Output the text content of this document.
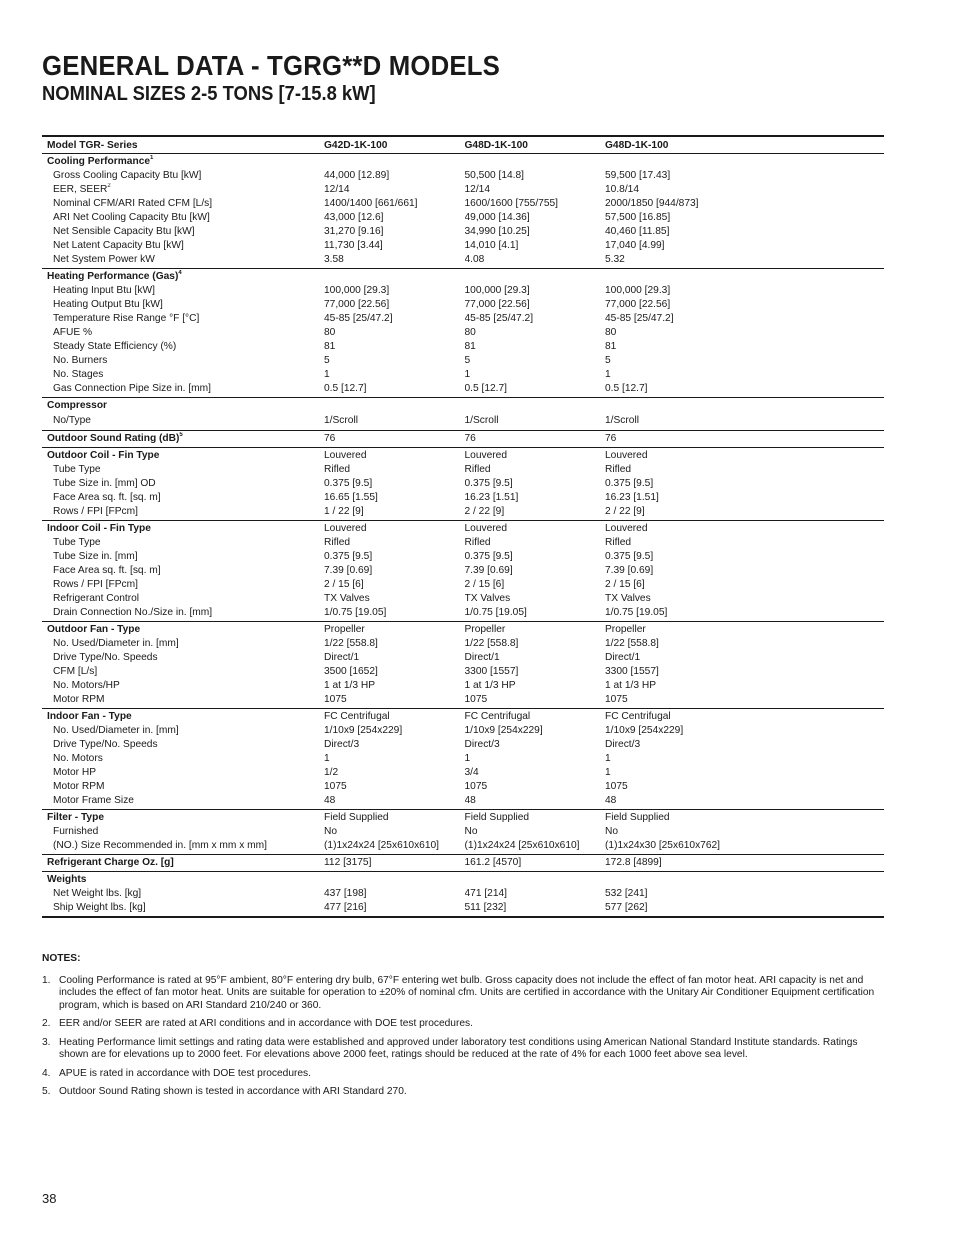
GENERAL DATA - TGRG**D MODELS
NOMINAL SIZES 2-5 TONS [7-15.8 kW]
Model TGR- Series	G42D-1K-100	G48D-1K-100	G48D-1K-100
Cooling Performance$^1$
Gross Cooling Capacity Btu [kW]	44,000 [12.89]	50,500 [14.8]	59,500 [17.43]
EER, SEER$^2$	12/14	12/14	10.8/14
Nominal CFM/ARI Rated CFM [L/s]	1400/1400 [661/661]	1600/1600 [755/755]	2000/1850 [944/873]
ARI Net Cooling Capacity Btu [kW]	43,000 [12.6]	49,000 [14.36]	57,500 [16.85]
Net Sensible Capacity Btu [kW]	31,270 [9.16]	34,990 [10.25]	40,460 [11.85]
Net Latent Capacity Btu [kW]	11,730 [3.44]	14,010 [4.1]	17,040 [4.99]
Net System Power kW	3.58	4.08	5.32
Heating Performance (Gas)$^4$
Heating Input Btu [kW]	100,000 [29.3]	100,000 [29.3]	100,000 [29.3]
Heating Output Btu [kW]	77,000 [22.56]	77,000 [22.56]	77,000 [22.56]
Temperature Rise Range °F [°C]	45-85 [25/47.2]	45-85 [25/47.2]	45-85 [25/47.2]
AFUE %	80	80	80
Steady State Efficiency (%)	81	81	81
No. Burners	5	5	5
No. Stages	1	1	1
Gas Connection Pipe Size in. [mm]	0.5 [12.7]	0.5 [12.7]	0.5 [12.7]
Compressor
No/Type	1/Scroll	1/Scroll	1/Scroll
Outdoor Sound Rating (dB)$^5$	76	76	76
Outdoor Coil - Fin Type	Louvered	Louvered	Louvered
Tube Type	Rifled	Rifled	Rifled
Tube Size in. [mm] OD	0.375 [9.5]	0.375 [9.5]	0.375 [9.5]
Face Area sq. ft. [sq. m]	16.65 [1.55]	16.23 [1.51]	16.23 [1.51]
Rows / FPI [FPcm]	1 / 22 [9]	2 / 22 [9]	2 / 22 [9]
Indoor Coil - Fin Type	Louvered	Louvered	Louvered
Tube Type	Rifled	Rifled	Rifled
Tube Size in. [mm]	0.375 [9.5]	0.375 [9.5]	0.375 [9.5]
Face Area sq. ft. [sq. m]	7.39 [0.69]	7.39 [0.69]	7.39 [0.69]
Rows / FPI [FPcm]	2 / 15 [6]	2 / 15 [6]	2 / 15 [6]
Refrigerant Control	TX Valves	TX Valves	TX Valves
Drain Connection No./Size in. [mm]	1/0.75 [19.05]	1/0.75 [19.05]	1/0.75 [19.05]
Outdoor Fan - Type	Propeller	Propeller	Propeller
No. Used/Diameter in. [mm]	1/22 [558.8]	1/22 [558.8]	1/22 [558.8]
Drive Type/No. Speeds	Direct/1	Direct/1	Direct/1
CFM [L/s]	3500 [1652]	3300 [1557]	3300 [1557]
No. Motors/HP	1 at 1/3 HP	1 at 1/3 HP	1 at 1/3 HP
Motor RPM	1075	1075	1075
Indoor Fan - Type	FC Centrifugal	FC Centrifugal	FC Centrifugal
No. Used/Diameter in. [mm]	1/10x9 [254x229]	1/10x9 [254x229]	1/10x9 [254x229]
Drive Type/No. Speeds	Direct/3	Direct/3	Direct/3
No. Motors	1	1	1
Motor HP	1/2	3/4	1
Motor RPM	1075	1075	1075
Motor Frame Size	48	48	48
Filter - Type	Field Supplied	Field Supplied	Field Supplied
Furnished	No	No	No
(NO.) Size Recommended in. [mm x mm x mm]	(1)1x24x24 [25x610x610]	(1)1x24x24 [25x610x610]	(1)1x24x30 [25x610x762]
Refrigerant Charge Oz. [g]	112 [3175]	161.2 [4570]	172.8 [4899]
Weights
Net Weight lbs. [kg]	437 [198]	471 [214]	532 [241]
Ship Weight lbs. [kg]	477 [216]	511 [232]	577 [262]
NOTES:
1. Cooling Performance is rated at 95°F ambient, 80°F entering dry bulb, 67°F entering wet bulb. Gross capacity does not include the effect of fan motor heat. ARI capacity is net and includes the effect of fan motor heat. Units are suitable for operation to ±20% of nominal cfm. Units are certified in accordance with the Unitary Air Conditioner Equipment certification program, which is based on ARI Standard 210/240 or 360.
2. EER and/or SEER are rated at ARI conditions and in accordance with DOE test procedures.
3. Heating Performance limit settings and rating data were established and approved under laboratory test conditions using American National Standard Institute standards. Ratings shown are for elevations up to 2000 feet. For elevations above 2000 feet, ratings should be reduced at the rate of 4% for each 1000 feet above sea level.
4. APUE is rated in accordance with DOE test procedures.
5. Outdoor Sound Rating shown is tested in accordance with ARI Standard 270.
38
